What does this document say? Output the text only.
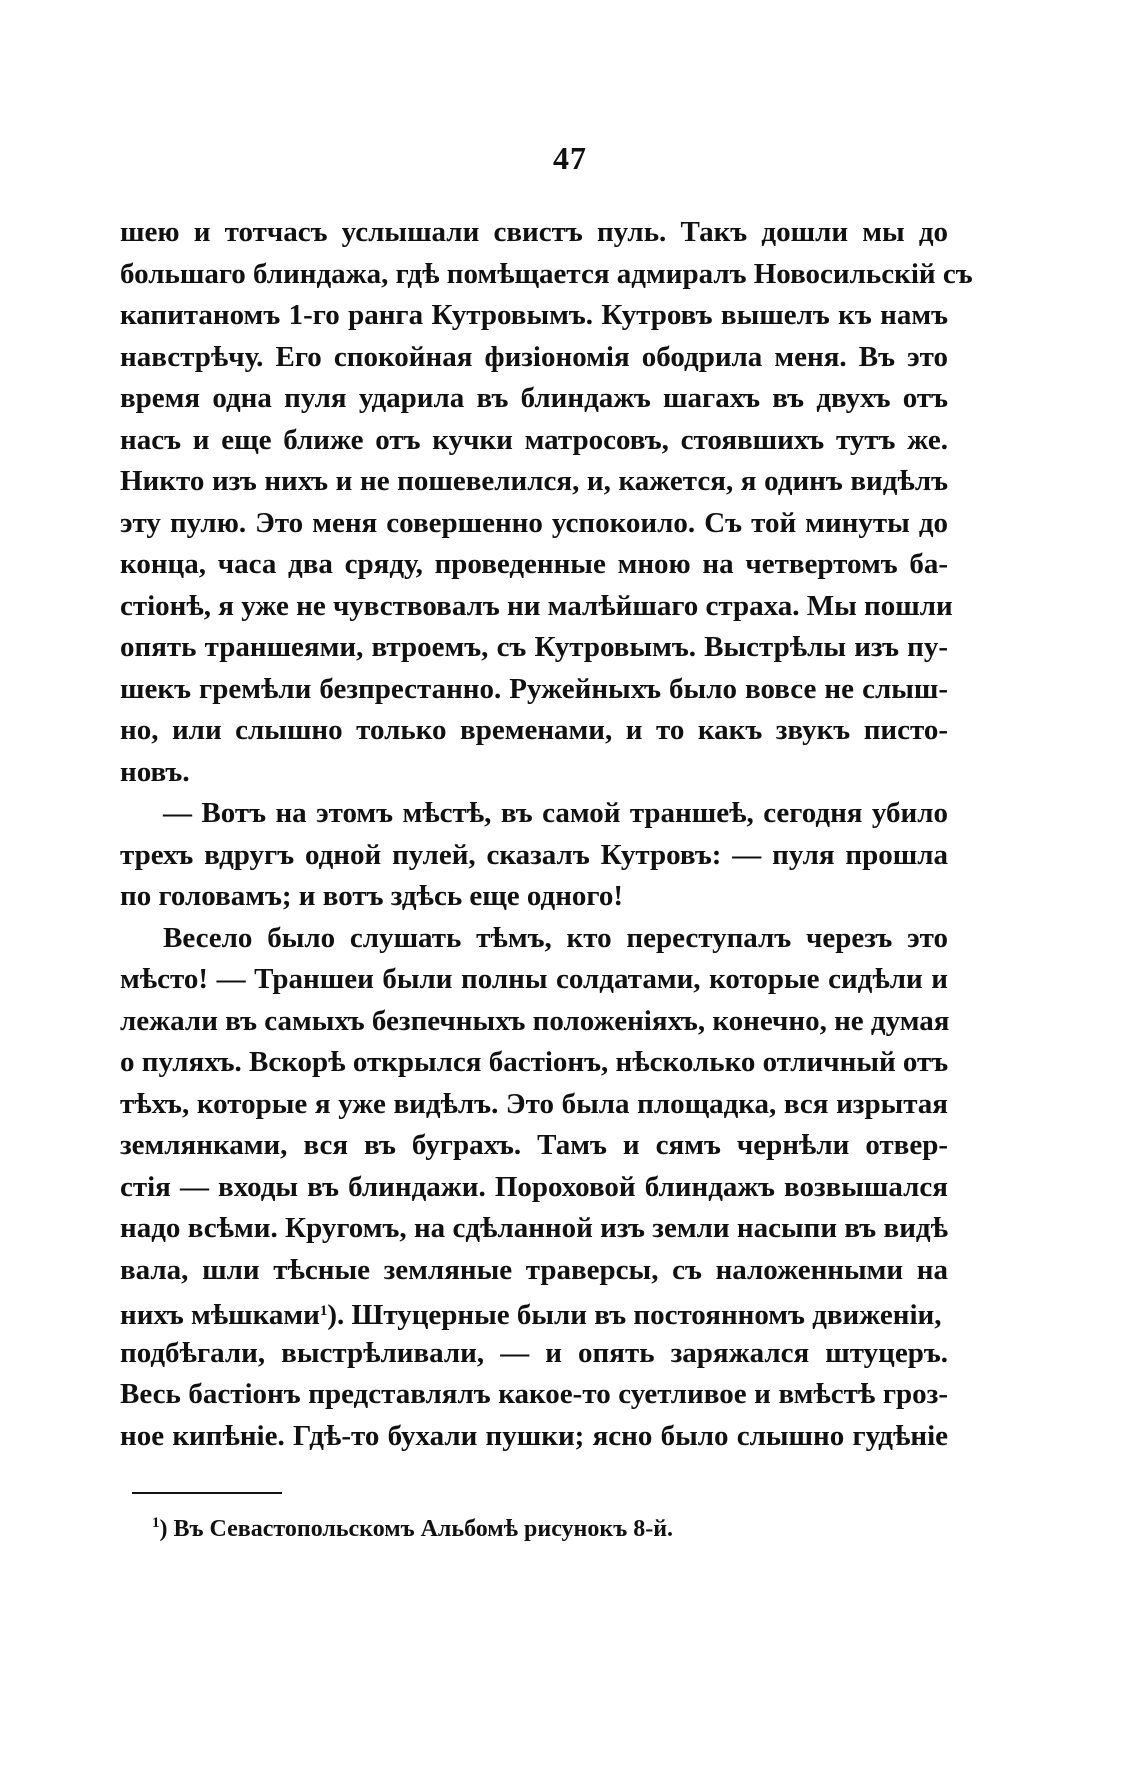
47
шею и тотчасъ услышали свистъ пуль. Такъ дошли мы до
большаго блиндажа, гдѣ помѣщается адмиралъ Новосильскій съ
капитаномъ 1-го ранга Кутровымъ. Кутровъ вышелъ къ намъ
навстрѣчу. Его спокойная физіономія ободрила меня. Въ это
время одна пуля ударила въ блиндажъ шагахъ въ двухъ отъ
насъ и еще ближе отъ кучки матросовъ, стоявшихъ тутъ же.
Никто изъ нихъ и не пошевелился, и, кажется, я одинъ видѣлъ
эту пулю. Это меня совершенно успокоило. Съ той минуты до
конца, часа два сряду, проведенные мною на четвертомъ ба-
стіонѣ, я уже не чувствовалъ ни малѣйшаго страха. Мы пошли
опять траншеями, втроемъ, съ Кутровымъ. Выстрѣлы изъ пу-
шекъ гремѣли безпрестанно. Ружейныхъ было вовсе не слыш-
но, или слышно только временами, и то какъ звукъ писто-
новъ.
— Вотъ на этомъ мѣстѣ, въ самой траншеѣ, сегодня убило
трехъ вдругъ одной пулей, сказалъ Кутровъ: — пуля прошла
по головамъ; и вотъ здѣсь еще одного!
Весело было слушать тѣмъ, кто переступалъ черезъ это
мѣсто! — Траншеи были полны солдатами, которые сидѣли и
лежали въ самыхъ безпечныхъ положеніяхъ, конечно, не думая
о пуляхъ. Вскорѣ открылся бастіонъ, нѣсколько отличный отъ
тѣхъ, которые я уже видѣлъ. Это была площадка, вся изрытая
землянками, вся въ буграхъ. Тамъ и сямъ чернѣли отвер-
стія — входы въ блиндажи. Пороховой блиндажъ возвышался
надо всѣми. Кругомъ, на сдѣланной изъ земли насыпи въ видѣ
вала, шли тѣсные земляные траверсы, съ наложенными на
нихъ мѣшками$^1$). Штуцерные были въ постоянномъ движеніи,
подбѣгали, выстрѣливали, — и опять заряжался штуцеръ.
Весь бастіонъ представлялъ какое-то суетливое и вмѣстѣ гроз-
ное кипѣніе. Гдѣ-то бухали пушки; ясно было слышно гудѣніе
$^1$) Въ Севастопольскомъ Альбомѣ рисунокъ 8-й.
